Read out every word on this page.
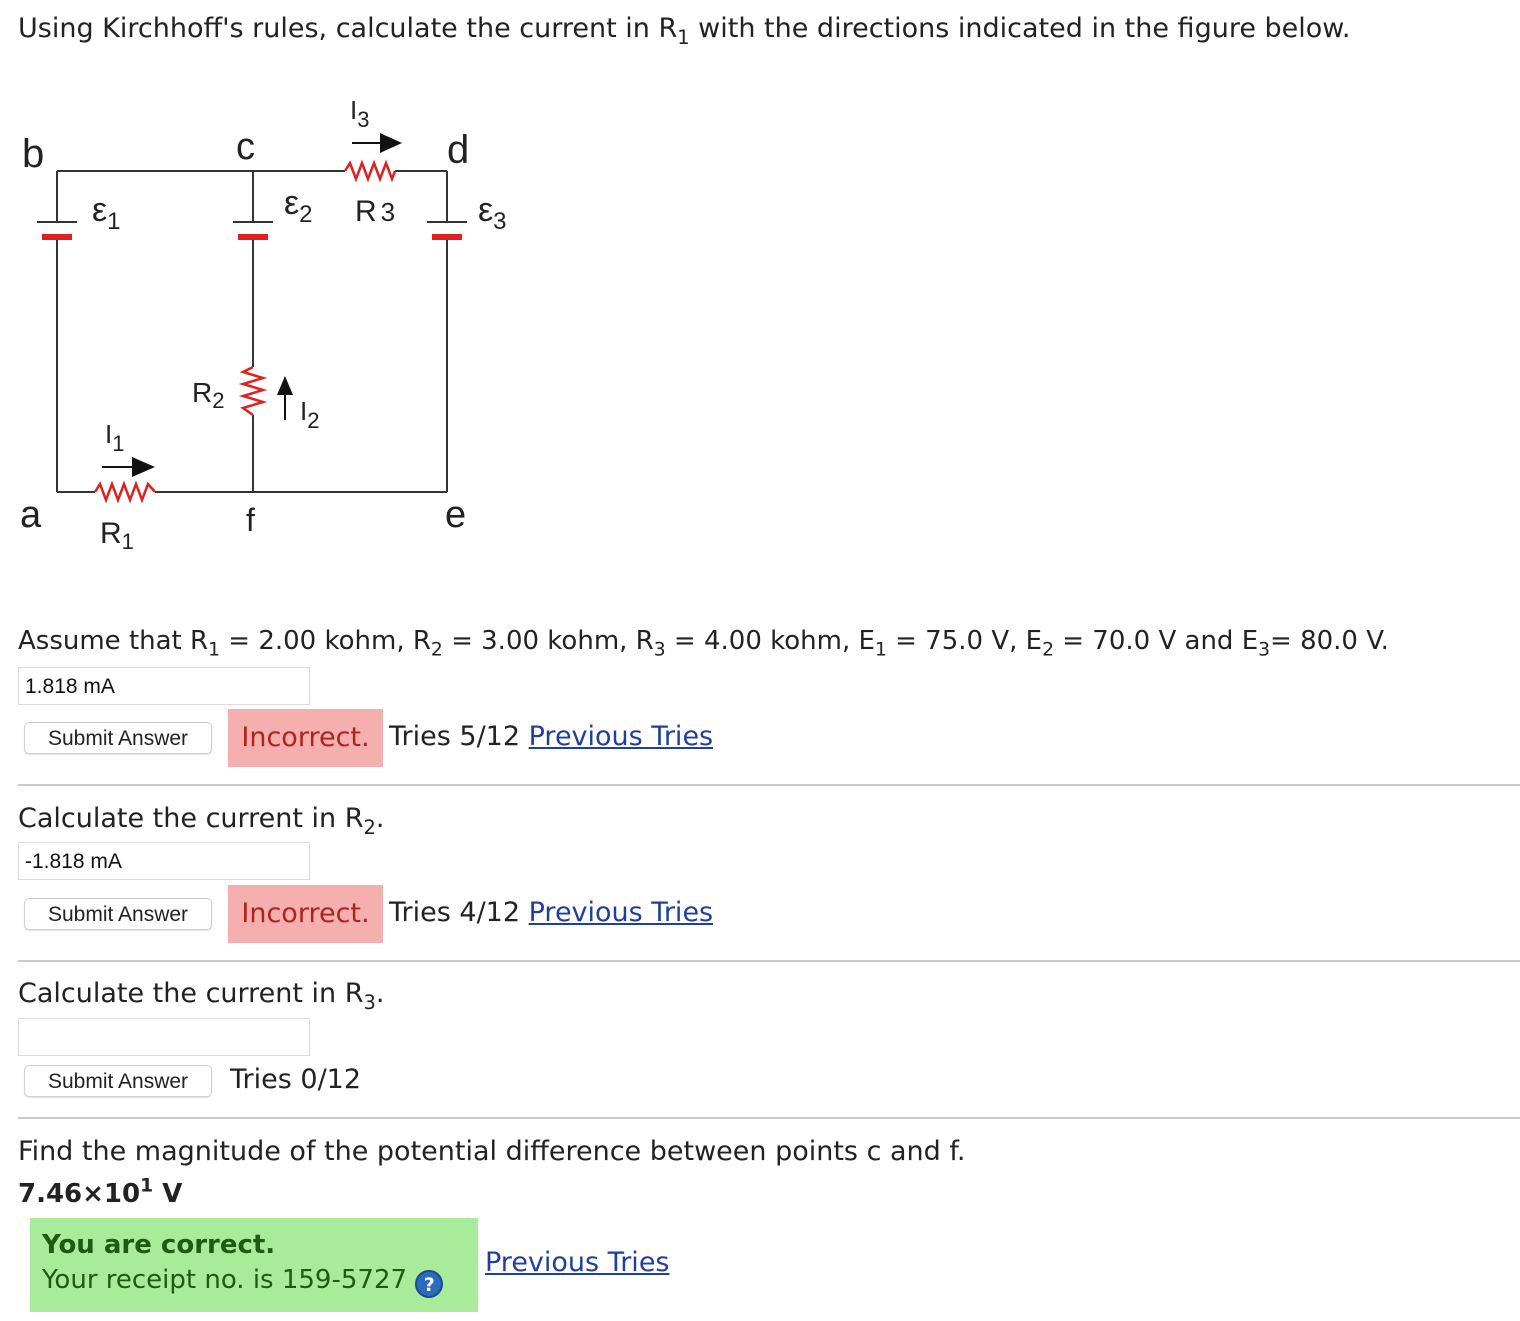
Using Kirchhoff's rules, calculate the current in $R_1$ with the directions indicated in the figure below.
b	c	d
a	f	e
$\varepsilon_1$	$\varepsilon_2$	$\varepsilon_3$
R 3
$R_1$
$R_2$
$I_3$
$I_1$
$I_2$
Assume that $R_1 = 2.00$ kohm, $R_2 = 3.00$ kohm, $R_3 = 4.00$ kohm, $E_1 = 75.0$ V, $E_2 = 70.0$ V and $E_3= 80.0$ V.
1.818 mA
Submit Answer	Incorrect. Tries 5/12 Previous Tries
Calculate the current in $R_2$.
-1.818 mA
Submit Answer	Incorrect. Tries 4/12 Previous Tries
Calculate the current in $R_3$.
Submit Answer	Tries 0/12
Find the magnitude of the potential difference between points c and f.
$7.46\times 10^1$ V
You are correct.
Your receipt no. is 159-5727 ?
Previous Tries
